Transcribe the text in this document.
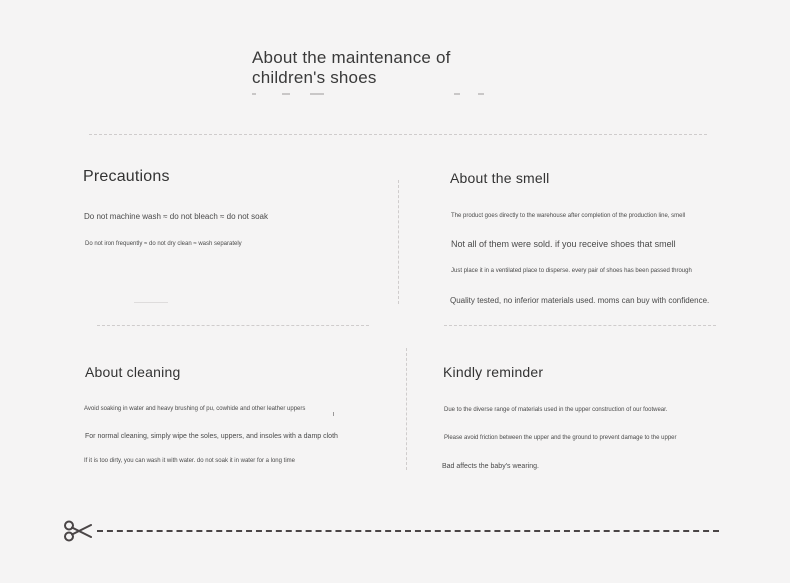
About the maintenance of
children's shoes
Precautions
Do not machine wash ≈ do not bleach ≈ do not soak
Do not iron frequently ≈ do not dry clean ≈ wash separately
About the smell
The product goes directly to the warehouse after completion of the production line, smell
Not all of them were sold. if you receive shoes that smell
Just place it in a ventilated place to disperse. every pair of shoes has been passed through
Quality tested, no inferior materials used. moms can buy with confidence.
About cleaning
Avoid soaking in water and heavy brushing of pu, cowhide and other leather uppers
For normal cleaning, simply wipe the soles, uppers, and insoles with a damp cloth
If it is too dirty, you can wash it with water. do not soak it in water for a long time
Kindly reminder
Due to the diverse range of materials used in the upper construction of our footwear.
Please avoid friction between the upper and the ground to prevent damage to the upper
Bad affects the baby's wearing.
